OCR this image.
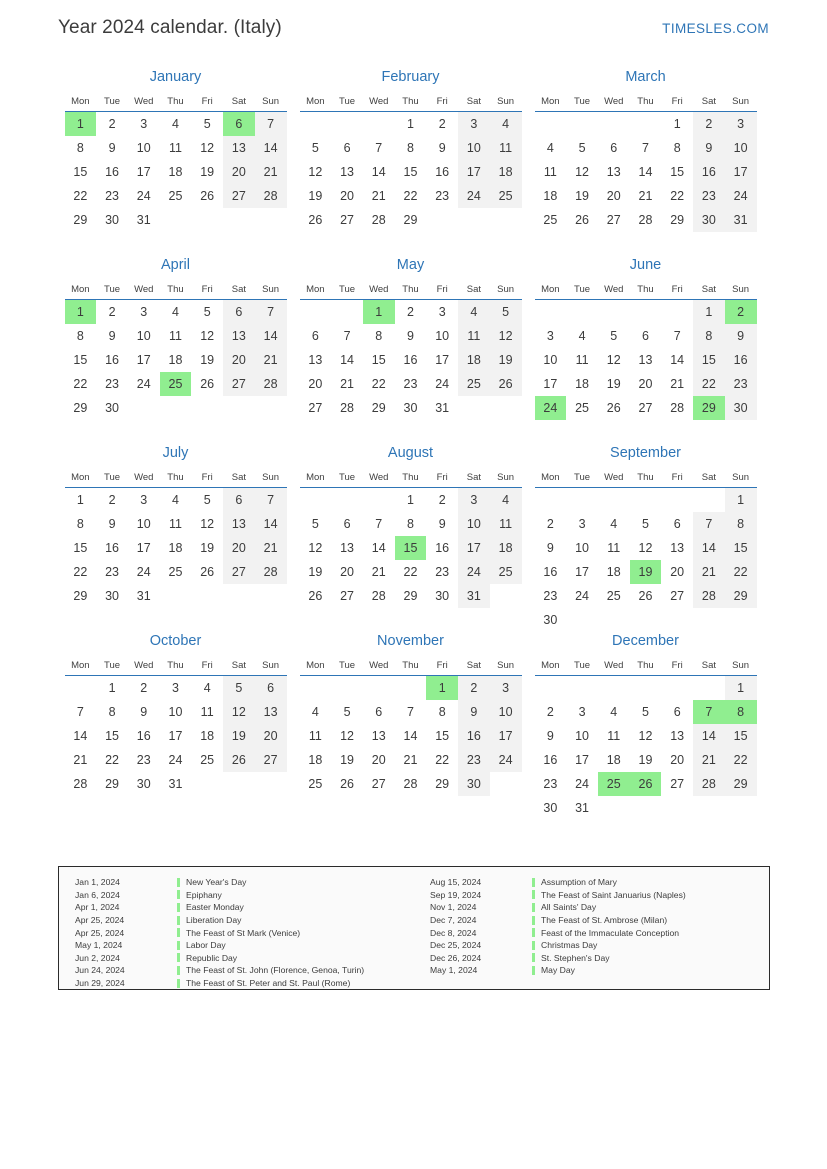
Year 2024 calendar. (Italy)	TIMESLES.COM
January
Mon	Tue	Wed	Thu	Fri	Sat	Sun
1	2	3	4	5	6	7
8	9	10	11	12	13	14
15	16	17	18	19	20	21
22	23	24	25	26	27	28
29	30	31				
February
Mon	Tue	Wed	Thu	Fri	Sat	Sun
			1	2	3	4
5	6	7	8	9	10	11
12	13	14	15	16	17	18
19	20	21	22	23	24	25
26	27	28	29			
March
Mon	Tue	Wed	Thu	Fri	Sat	Sun
				1	2	3
4	5	6	7	8	9	10
11	12	13	14	15	16	17
18	19	20	21	22	23	24
25	26	27	28	29	30	31
April
Mon	Tue	Wed	Thu	Fri	Sat	Sun
1	2	3	4	5	6	7
8	9	10	11	12	13	14
15	16	17	18	19	20	21
22	23	24	25	26	27	28
29	30					
May
Mon	Tue	Wed	Thu	Fri	Sat	Sun
		1	2	3	4	5
6	7	8	9	10	11	12
13	14	15	16	17	18	19
20	21	22	23	24	25	26
27	28	29	30	31		
June
Mon	Tue	Wed	Thu	Fri	Sat	Sun
					1	2
3	4	5	6	7	8	9
10	11	12	13	14	15	16
17	18	19	20	21	22	23
24	25	26	27	28	29	30
July
Mon	Tue	Wed	Thu	Fri	Sat	Sun
1	2	3	4	5	6	7
8	9	10	11	12	13	14
15	16	17	18	19	20	21
22	23	24	25	26	27	28
29	30	31				
August
Mon	Tue	Wed	Thu	Fri	Sat	Sun
			1	2	3	4
5	6	7	8	9	10	11
12	13	14	15	16	17	18
19	20	21	22	23	24	25
26	27	28	29	30	31	
September
Mon	Tue	Wed	Thu	Fri	Sat	Sun
						1
2	3	4	5	6	7	8
9	10	11	12	13	14	15
16	17	18	19	20	21	22
23	24	25	26	27	28	29
30						
October
Mon	Tue	Wed	Thu	Fri	Sat	Sun
	1	2	3	4	5	6
7	8	9	10	11	12	13
14	15	16	17	18	19	20
21	22	23	24	25	26	27
28	29	30	31			
November
Mon	Tue	Wed	Thu	Fri	Sat	Sun
				1	2	3
4	5	6	7	8	9	10
11	12	13	14	15	16	17
18	19	20	21	22	23	24
25	26	27	28	29	30	
December
Mon	Tue	Wed	Thu	Fri	Sat	Sun
						1
2	3	4	5	6	7	8
9	10	11	12	13	14	15
16	17	18	19	20	21	22
23	24	25	26	27	28	29
30	31					
Jan 1, 2024	New Year's Day
Jan 6, 2024	Epiphany
Apr 1, 2024	Easter Monday
Apr 25, 2024	Liberation Day
Apr 25, 2024	The Feast of St Mark (Venice)
May 1, 2024	Labor Day
Jun 2, 2024	Republic Day
Jun 24, 2024	The Feast of St. John (Florence, Genoa, Turin)
Jun 29, 2024	The Feast of St. Peter and St. Paul (Rome)
Aug 15, 2024	Assumption of Mary
Sep 19, 2024	The Feast of Saint Januarius (Naples)
Nov 1, 2024	All Saints' Day
Dec 7, 2024	The Feast of St. Ambrose (Milan)
Dec 8, 2024	Feast of the Immaculate Conception
Dec 25, 2024	Christmas Day
Dec 26, 2024	St. Stephen's Day
May 1, 2024	May Day
